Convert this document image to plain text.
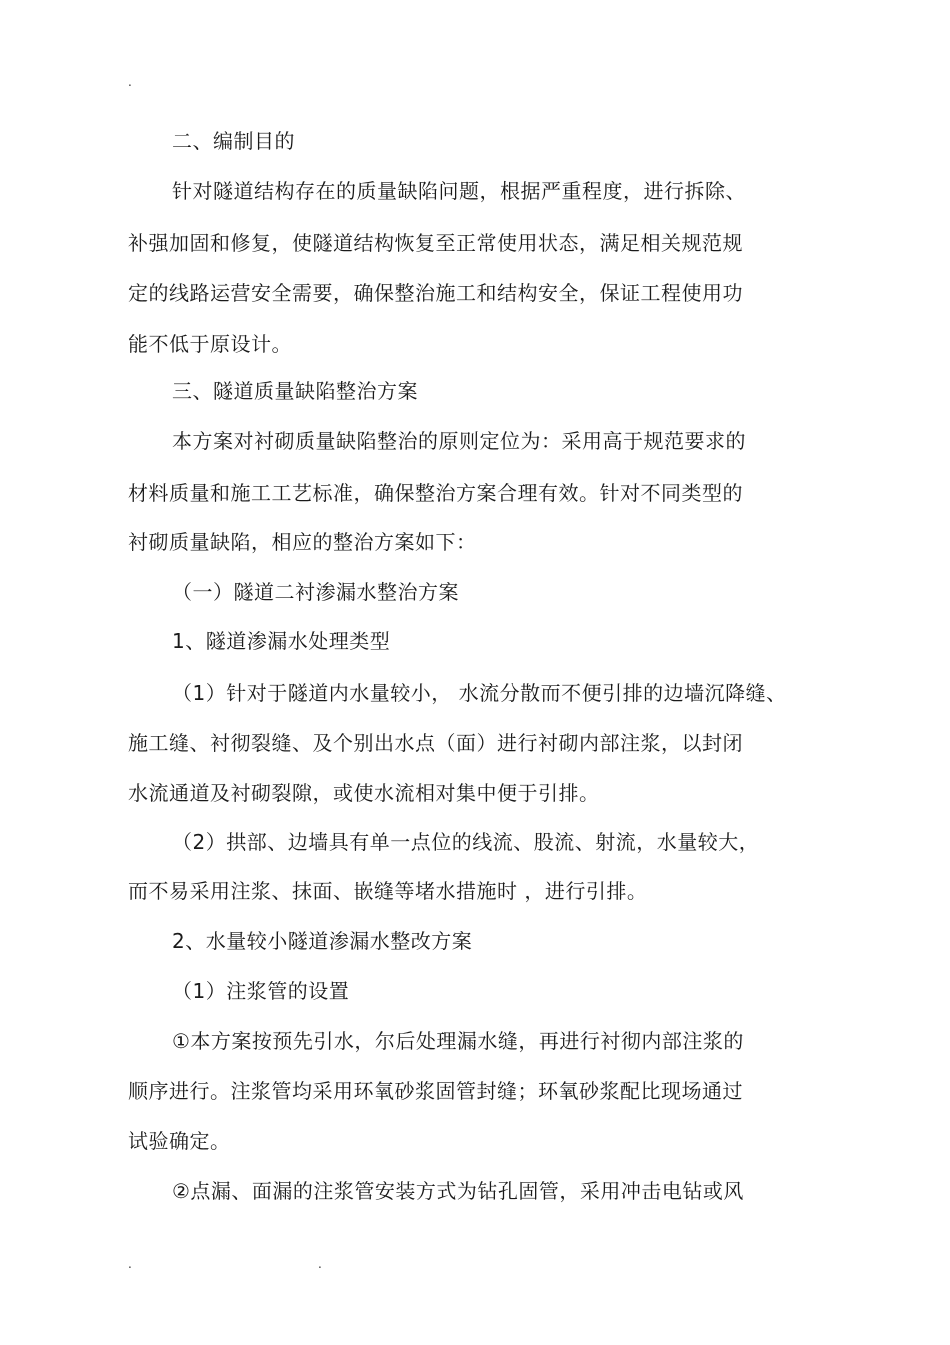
.
二、编制目的
针对隧道结构存在的质量缺陷问题，根据严重程度，进行拆除、
补强加固和修复，使隧道结构恢复至正常使用状态，满足相关规范规
定的线路运营安全需要，确保整治施工和结构安全，保证工程使用功
能不低于原设计。
三、隧道质量缺陷整治方案
本方案对衬砌质量缺陷整治的原则定位为：采用高于规范要求的
材料质量和施工工艺标准，确保整治方案合理有效。针对不同类型的
衬砌质量缺陷，相应的整治方案如下：
（一）隧道二衬渗漏水整治方案
1、隧道渗漏水处理类型
（1）针对于隧道内水量较小， 水流分散而不便引排的边墙沉降缝、
施工缝、衬彻裂缝、及个别出水点（面）进行衬砌内部注浆，以封闭
水流通道及衬砌裂隙，或使水流相对集中便于引排。
（2）拱部、边墙具有单一点位的线流、股流、射流，水量较大，
而不易采用注浆、抹面、嵌缝等堵水措施时 ，进行引排。
2、水量较小隧道渗漏水整改方案
（1）注浆管的设置
①本方案按预先引水，尔后处理漏水缝，再进行衬彻内部注浆的
顺序进行。注浆管均采用环氧砂浆固管封缝；环氧砂浆配比现场通过
试验确定。
②点漏、面漏的注浆管安装方式为钻孔固管，采用冲击电钻或风
.	.
